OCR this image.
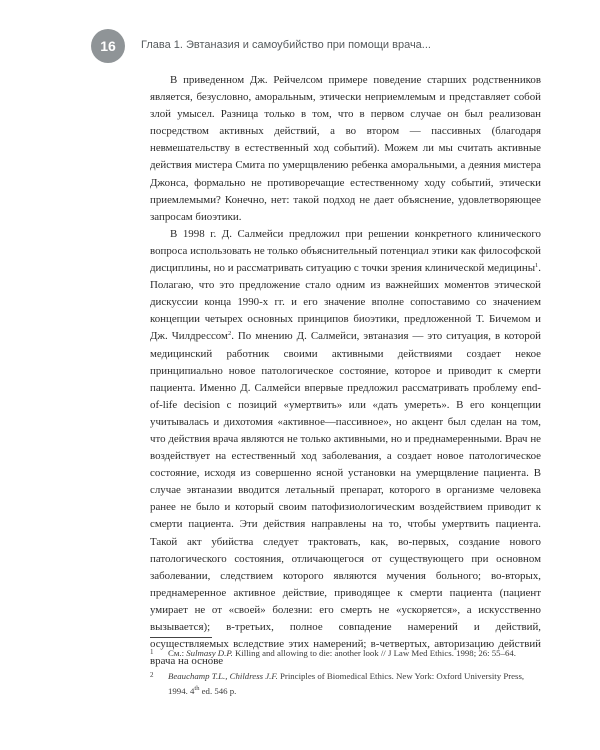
16	Глава 1. Эвтаназия и самоубийство при помощи врача...

В приведенном Дж. Рейчелсом примере поведение старших родственников является, безусловно, аморальным, этически неприемлемым и представляет собой злой умысел. Разница только в том, что в первом случае он был реализован посредством активных действий, а во втором — пассивных (благодаря невмешательству в естественный ход событий). Можем ли мы считать активные действия мистера Смита по умерщвлению ребенка аморальными, а деяния мистера Джонса, формально не противоречащие естественному ходу событий, этически приемлемыми? Конечно, нет: такой подход не дает объяснение, удовлетворяющее запросам биоэтики.

В 1998 г. Д. Салмейси предложил при решении конкретного клинического вопроса использовать не только объяснительный потенциал этики как философской дисциплины, но и рассматривать ситуацию с точки зрения клинической медицины$^1$. Полагаю, что это предложение стало одним из важнейших моментов этической дискуссии конца 1990-х гг. и его значение вполне сопоставимо со значением концепции четырех основных принципов биоэтики, предложенной Т. Бичемом и Дж. Чилдрессом$^2$. По мнению Д. Салмейси, эвтаназия — это ситуация, в которой медицинский работник своими активными действиями создает некое принципиально новое патологическое состояние, которое и приводит к смерти пациента. Именно Д. Салмейси впервые предложил рассматривать проблему end-of-life decision с позиций «умертвить» или «дать умереть». В его концепции учитывалась и дихотомия «активное—пассивное», но акцент был сделан на том, что действия врача являются не только активными, но и преднамеренными. Врач не воздействует на естественный ход заболевания, а создает новое патологическое состояние, исходя из совершенно ясной установки на умерщвление пациента. В случае эвтаназии вводится летальный препарат, которого в организме человека ранее не было и который своим патофизиологическим воздействием приводит к смерти пациента. Эти действия направлены на то, чтобы умертвить пациента. Такой акт убийства следует трактовать, как, во-первых, создание нового патологического состояния, отличающегося от существующего при основном заболевании, следствием которого являются мучения больного; во-вторых, преднамеренное активное действие, приводящее к смерти пациента (пациент умирает не от «своей» болезни: его смерть не «ускоряется», а искусственно вызывается); в-третьих, полное совпадение намерений и действий, осуществляемых вследствие этих намерений; в-четвертых, авторизацию действий врача на основе

1 См.: Sulmasy D.P. Killing and allowing to die: another look // J Law Med Ethics. 1998; 26: 55–64.
2 Beauchamp T.L., Childress J.F. Principles of Biomedical Ethics. New York: Oxford University Press, 1994. 4th ed. 546 p.
